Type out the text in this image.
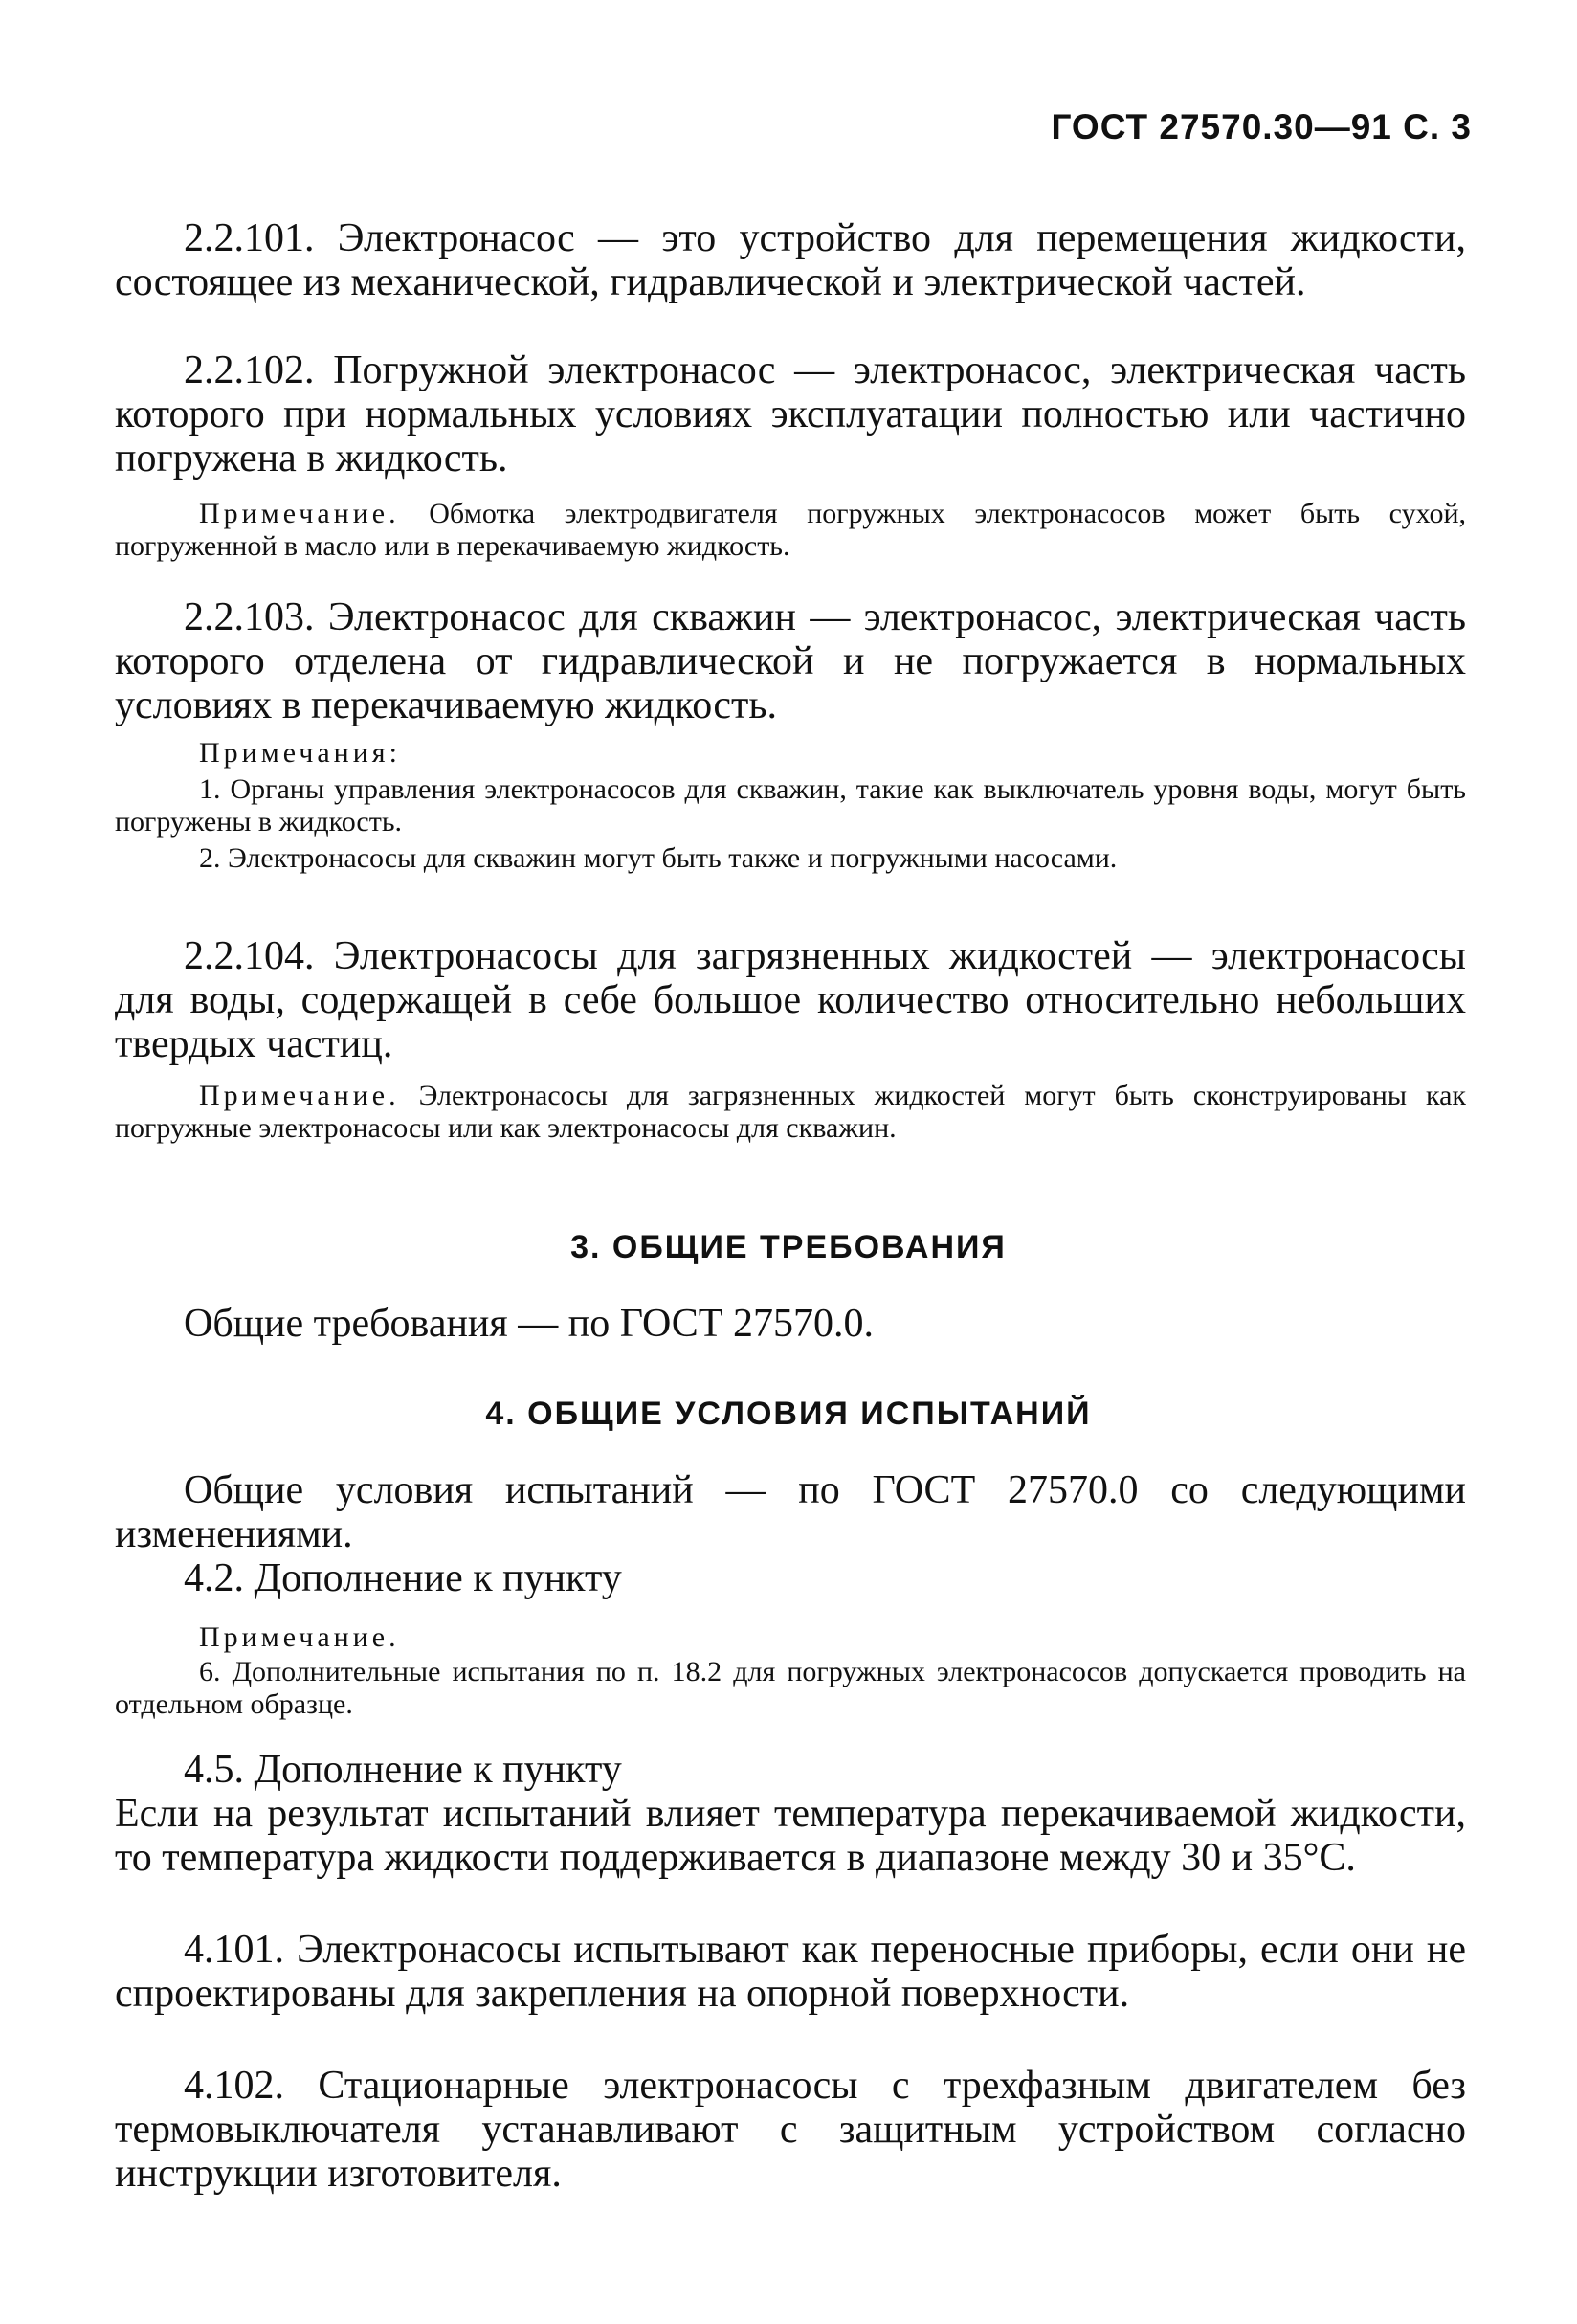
ГОСТ 27570.30—91 С. 3
2.2.101. Электронасос — это устройство для перемещения жидкости, состоящее из механической, гидравлической и электрической частей.
2.2.102. Погружной электронасос — электронасос, электрическая часть которого при нормальных условиях эксплуатации полностью или частично погружена в жидкость.
Примечание. Обмотка электродвигателя погружных электронасосов может быть сухой, погруженной в масло или в перекачиваемую жидкость.
2.2.103. Электронасос для скважин — электронасос, электрическая часть которого отделена от гидравлической и не погружается в нормальных условиях в перекачиваемую жидкость.
Примечания:
1. Органы управления электронасосов для скважин, такие как выключатель уровня воды, могут быть погружены в жидкость.
2. Электронасосы для скважин могут быть также и погружными насосами.
2.2.104. Электронасосы для загрязненных жидкостей — электронасосы для воды, содержащей в себе большое количество относительно небольших твердых частиц.
Примечание. Электронасосы для загрязненных жидкостей могут быть сконструированы как погружные электронасосы или как электронасосы для скважин.
3. ОБЩИЕ ТРЕБОВАНИЯ
Общие требования — по ГОСТ 27570.0.
4. ОБЩИЕ УСЛОВИЯ ИСПЫТАНИЙ
Общие условия испытаний — по ГОСТ 27570.0 со следующими изменениями.
4.2. Дополнение к пункту
Примечание.
6. Дополнительные испытания по п. 18.2 для погружных электронасосов допускается проводить на отдельном образце.
4.5. Дополнение к пункту
Если на результат испытаний влияет температура перекачиваемой жидкости, то температура жидкости поддерживается в диапазоне между 30 и 35°С.
4.101. Электронасосы испытывают как переносные приборы, если они не спроектированы для закрепления на опорной поверхности.
4.102. Стационарные электронасосы с трехфазным двигателем без термовыключателя устанавливают с защитным устройством согласно инструкции изготовителя.
